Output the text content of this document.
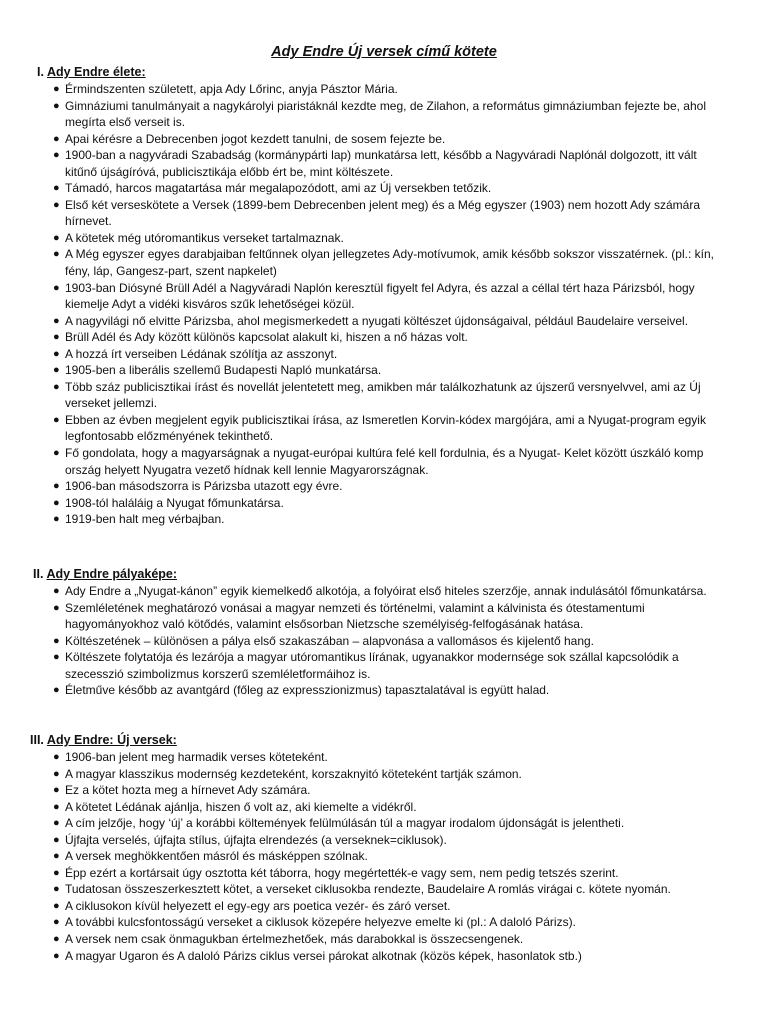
Ady Endre Új versek című kötete
I. Ady Endre élete:
● Érmindszenten született, apja Ady Lőrinc, anyja Pásztor Mária.
● Gimnáziumi tanulmányait a nagykárolyi piaristáknál kezdte meg, de Zilahon, a református gimnáziumban fejezte be, ahol megírta első verseit is.
● Apai kérésre a Debrecenben jogot kezdett tanulni, de sosem fejezte be.
● 1900-ban a nagyváradi Szabadság (kormánypárti lap) munkatársa lett, később a Nagyváradi Naplónál dolgozott, itt vált kitűnő újságíróvá, publicisztikája előbb ért be, mint költészete.
● Támadó, harcos magatartása már megalapozódott, ami az Új versekben tetőzik.
● Első két verseskötete a Versek (1899-bem Debrecenben jelent meg) és a Még egyszer (1903) nem hozott Ady számára hírnevet.
● A kötetek még utóromantikus verseket tartalmaznak.
● A Még egyszer egyes darabjaiban feltűnnek olyan jellegzetes Ady-motívumok, amik később sokszor visszatérnek. (pl.: kín, fény, láp, Gangesz-part, szent napkelet)
● 1903-ban Diósyné Brüll Adél a Nagyváradi Naplón keresztül figyelt fel Adyra, és azzal a céllal tért haza Párizsból, hogy kiemelje Adyt a vidéki kisváros szűk lehetőségei közül.
● A nagyvilági nő elvitte Párizsba, ahol megismerkedett a nyugati költészet újdonságaival, például Baudelaire verseivel.
● Brüll Adél és Ady között különös kapcsolat alakult ki, hiszen a nő házas volt.
● A hozzá írt verseiben Lédának szólítja az asszonyt.
● 1905-ben a liberális szellemű Budapesti Napló munkatársa.
● Több száz publicisztikai írást és novellát jelentetett meg, amikben már találkozhatunk az újszerű versnyelvvel, ami az Új verseket jellemzi.
● Ebben az évben megjelent egyik publicisztikai írása, az Ismeretlen Korvin-kódex margójára, ami a Nyugat-program egyik legfontosabb előzményének tekinthető.
● Fő gondolata, hogy a magyarságnak a nyugat-európai kultúra felé kell fordulnia, és a Nyugat- Kelet között úszkáló komp ország helyett Nyugatra vezető hídnak kell lennie Magyarországnak.
● 1906-ban másodszorra is Párizsba utazott egy évre.
● 1908-tól haláláig a Nyugat főmunkatársa.
● 1919-ben halt meg vérbajban.
II. Ady Endre pályaképe:
● Ady Endre a „Nyugat-kánon” egyik kiemelkedő alkotója, a folyóirat első hiteles szerzője, annak indulásától főmunkatársa.
● Szemléletének meghatározó vonásai a magyar nemzeti és történelmi, valamint a kálvinista és ótestamentumi hagyományokhoz való kötődés, valamint elsősorban Nietzsche személyiség-felfogásának hatása.
● Költészetének – különösen a pálya első szakaszában – alapvonása a vallomásos és kijelentő hang.
● Költészete folytatója és lezárója a magyar utóromantikus lírának, ugyanakkor modernsége sok szállal kapcsolódik a szecesszió szimbolizmus korszerű szemléletformáihoz is.
● Életműve később az avantgárd (főleg az expresszionizmus) tapasztalatával is együtt halad.
III. Ady Endre: Új versek:
● 1906-ban jelent meg harmadik verses köteteként.
● A magyar klasszikus modernség kezdeteként, korszaknyitó köteteként tartják számon.
● Ez a kötet hozta meg a hírnevet Ady számára.
● A kötetet Lédának ajánlja, hiszen ő volt az, aki kiemelte a vidékről.
● A cím jelzője, hogy ‘új’ a korábbi költemények felülmúlásán túl a magyar irodalom újdonságát is jelentheti.
● Újfajta verselés, újfajta stílus, újfajta elrendezés (a verseknek=ciklusok).
● A versek meghökkentően másról és másképpen szólnak.
● Épp ezért a kortársait úgy osztotta két táborra, hogy megértették-e vagy sem, nem pedig tetszés szerint.
● Tudatosan összeszerkesztett kötet, a verseket ciklusokba rendezte, Baudelaire A romlás virágai c. kötete nyomán.
● A ciklusokon kívül helyezett el egy-egy ars poetica vezér- és záró verset.
● A további kulcsfontosságú verseket a ciklusok közepére helyezve emelte ki (pl.: A daloló Párizs).
● A versek nem csak önmagukban értelmezhetőek, más darabokkal is összecsengenek.
● A magyar Ugaron és A daloló Párizs ciklus versei párokat alkotnak (közös képek, hasonlatok stb.)
